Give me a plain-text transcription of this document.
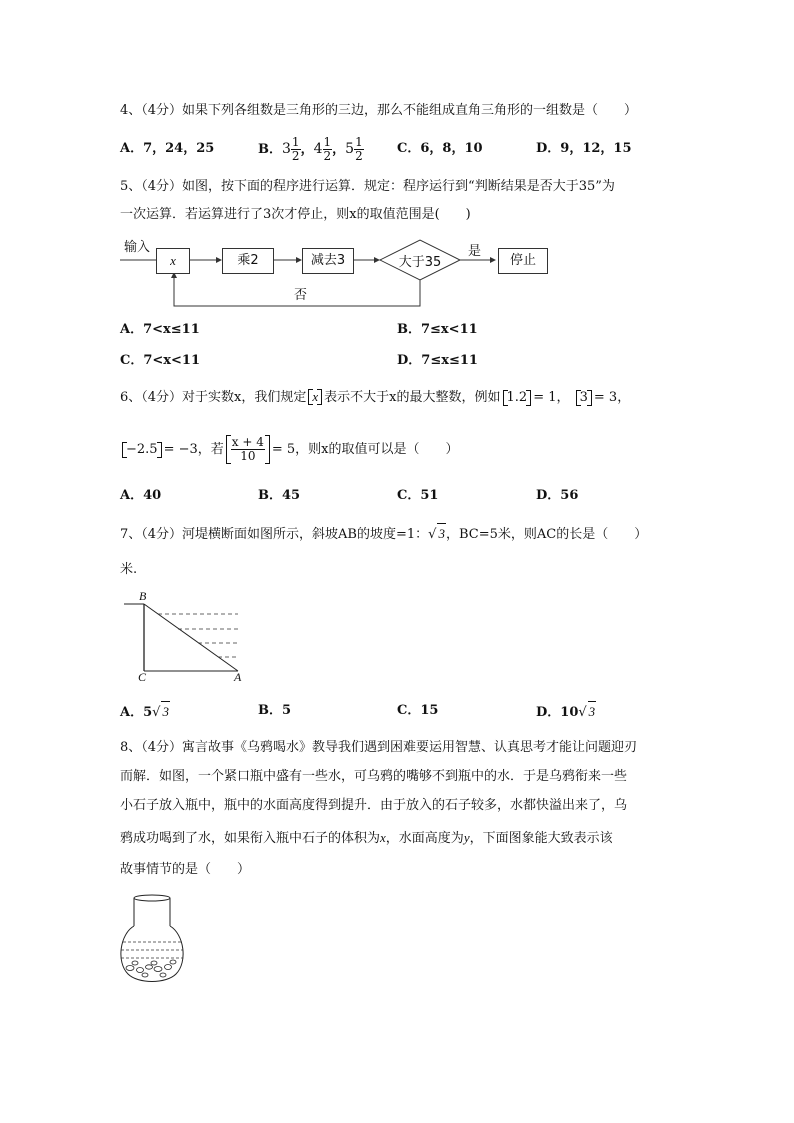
4、（4分）如果下列各组数是三角形的三边，那么不能组成直角三角形的一组数是（　　）
A．7，24，25	B．$3 \frac{1}{2}$ ，$4 \frac{1}{2}$ ，$5 \frac{1}{2}$	C．6，8，10	D．9，12，15
5、（4分）如图，按下面的程序进行运算．规定：程序运行到“判断结果是否大于35”为
一次运算．若运算进行了3次才停止，则x的取值范围是(　　)
输入
x	乘2	减去3	大于35
是
停止
否
A．7<x≤11	B．7≤x<11
C．7<x<11	D．7≤x≤11
6、（4分）对于实数x，我们规定 x 表示不大于x的最大整数，例如 1.2 = 1， 3 = 3，
−2.5 = −3，若 $\frac{x + 4}{10} = 5$，则x的取值可以是（　　）
A．40	B．45	C．51	D．56
7、（4分）河堤横断面如图所示，斜坡AB的坡度=1：√ 3，BC=5米，则AC的长是（　　）
米.
B
C	A
A．5√ 3	B．5	C．15	D．10√ 3
8、（4分）寓言故事《乌鸦喝水》教导我们遇到困难要运用智慧、认真思考才能让问题迎刃
而解．如图，一个紧口瓶中盛有一些水，可乌鸦的嘴够不到瓶中的水．于是乌鸦衔来一些
小石子放入瓶中，瓶中的水面高度得到提升．由于放入的石子较多，水都快溢出来了，乌
鸦成功喝到了水，如果衔入瓶中石子的体积为x，水面高度为y，下面图象能大致表示该
故事情节的是（　　）
